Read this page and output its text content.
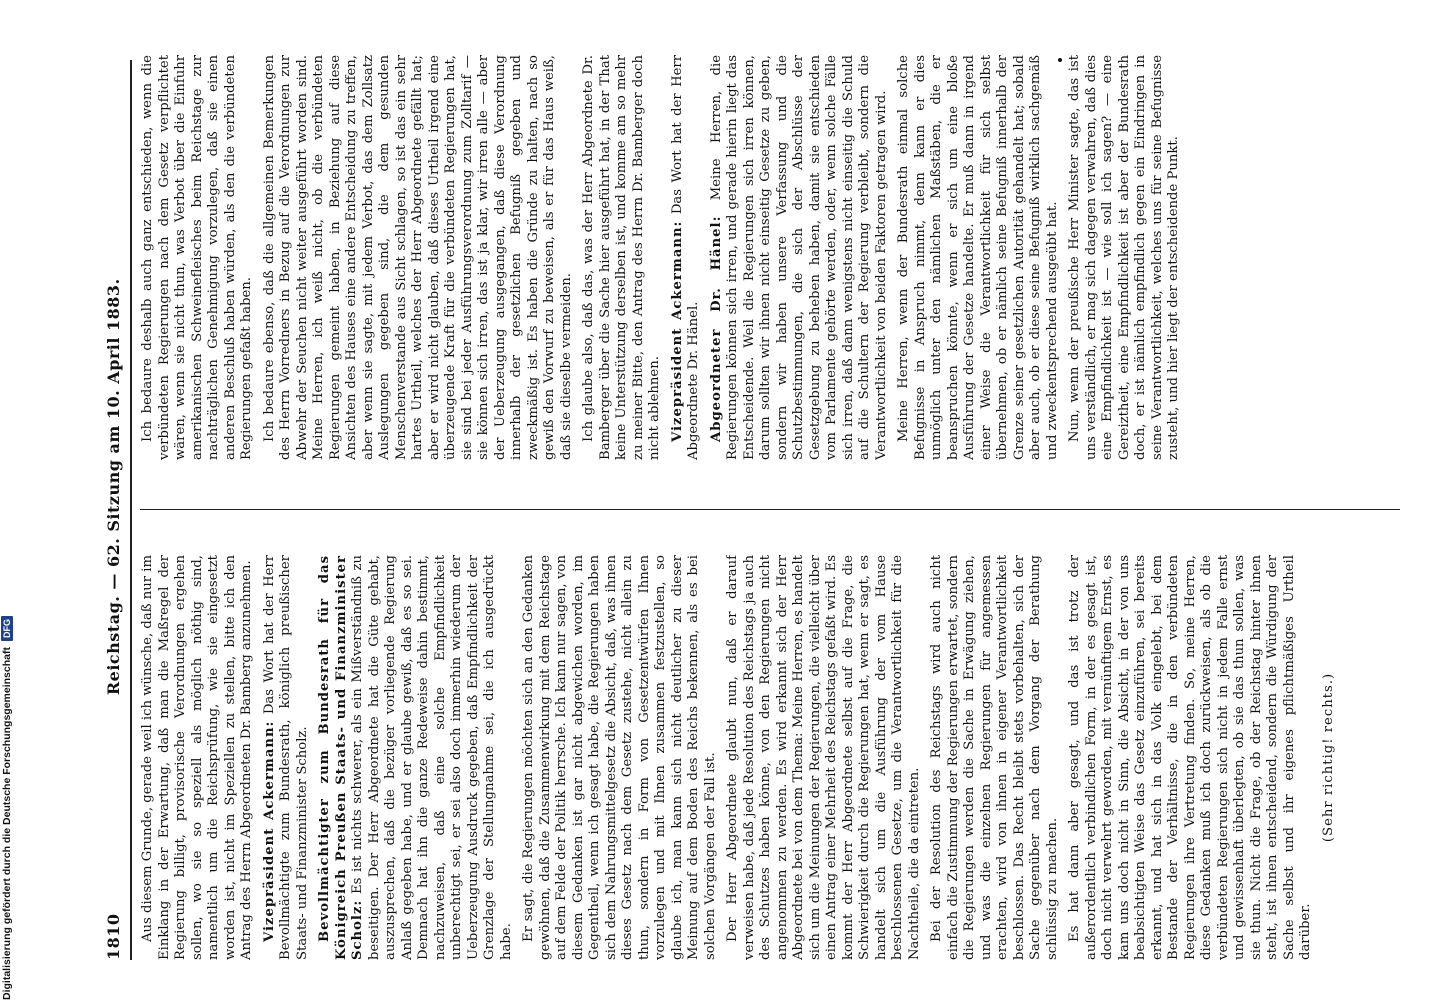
1810
Reichstag. — 62. Sitzung am 10. April 1883.

Aus diesem Grunde, gerade weil ich wünsche, daß nur im Einklang in der Erwartung, daß man die Maßregel der Regierung billigt, provisorische Verordnungen ergehen sollen, wo sie so speziell als möglich nöthig sind, namentlich um die Reichsprüfung, wie sie eingesetzt worden ist, nicht im Speziellen zu stellen, bitte ich den Antrag des Herrn Abgeordneten Dr. Bamberg anzunehmen. Vizepräsident Ackermann: Das Wort hat der Herr Bevollmächtigte zum Bundesrath, königlich preußischer Staats- und Finanzminister Scholz. Bevollmächtigter zum Bundesrath für das Königreich Preußen Staats- und Finanzminister Scholz: Es ist nichts schwerer, als ein Mißverständniß zu beseitigen. Der Herr Abgeordnete hat die Güte gehabt, auszusprechen, daß die bezüger vorliegende Regierung Anlaß gegeben habe, und er glaube gewiß, daß es so sei. Demnach hat ihn die ganze Redeweise dahin bestimmt, nachzuweisen, daß eine solche Empfindlichkeit unberechtigt sei, er sei also doch immerhin wiederum der Ueberzeugung Ausdruck gegeben, daß Empfindlichkeit der Grenzlage der Stellungnahme sei, die ich ausgedrückt habe. Er sagt, die Regierungen möchten sich an den Gedanken gewöhnen, daß die Zusammenwirkung mit dem Reichstage auf dem Felde der Politik herrsche. Ich kann nur sagen, von diesem Gedanken ist gar nicht abgewichen worden, im Gegentheil, wenn ich gesagt habe, die Regierungen haben sich dem Nahrungsmittelgesetz die Absicht, daß, was ihnen dieses Gesetz nach dem Gesetz zustehe, nicht allein zu thun, sondern in Form von Gesetzentwürfen Ihnen vorzulegen und mit Ihnen zusammen festzustellen, so glaube ich, man kann sich nicht deutlicher zu dieser Meinung auf dem Boden des Reichs bekennen, als es bei solchen Vorgängen der Fall ist. Der Herr Abgeordnete glaubt nun, daß er darauf verweisen habe, daß jede Resolution des Reichstags ja auch des Schutzes haben könne, von den Regierungen nicht angenommen zu werden. Es wird erkannt sich der Herr Abgeordnete bei von dem Thema: Meine Herren, es handelt sich um die Meinungen der Regierungen, die vielleicht über einen Antrag einer Mehrheit des Reichstags gefaßt wird. Es kommt der Herr Abgeordnete selbst auf die Frage, die Schwierigkeit durch die Regierungen hat, wenn er sagt, es handelt sich um die Ausführung der vom Hause beschlossenen Gesetze, um die Verantwortlichkeit für die Nachtheile, die da eintreten. Bei der Resolution des Reichstags wird auch nicht einfach die Zustimmung der Regierungen erwartet, sondern die Regierungen werden die Sache in Erwägung ziehen, und was die einzelnen Regierungen für angemessen erachten, wird von ihnen in eigener Verantwortlichkeit beschlossen. Das Recht bleibt stets vorbehalten, sich der Sache gegenüber nach dem Vorgang der Berathung schlüssig zu machen. Es hat dann aber gesagt, und das ist trotz der außerordentlich verbindlichen Form, in der es gesagt ist, doch nicht verwehrt geworden, mit vernünftigem Ernst, es kam uns doch nicht in Sinn, die Absicht, in der von uns beabsichtigten Weise das Gesetz einzuführen, sei bereits erkannt, und hat sich in das Volk eingelebt, bei dem Bestande der Verhältnisse, die in den verbündeten Regierungen ihre Vertretung finden. So, meine Herren, diese Gedanken muß ich doch zurückweisen, als ob die verbündeten Regierungen sich nicht in jedem Falle ernst und gewissenhaft überlegten, ob sie das thun sollen, was sie thun. Nicht die Frage, ob der Reichstag hinter ihnen steht, ist ihnen entscheidend, sondern die Würdigung der Sache selbst und ihr eigenes pflichtmäßiges Urtheil darüber.

(Sehr richtig! rechts.)

Ich bedaure deshalb auch ganz entschieden, wenn die verbündeten Regierungen nach dem Gesetz verpflichtet wären, wenn sie nicht thun, was Verbot über die Einfuhr amerikanischen Schweinefleisches beim Reichstage zur nachträglichen Genehmigung vorzulegen, daß sie einen anderen Beschluß haben würden, als den die verbündeten Regierungen gefaßt haben. Ich bedaure ebenso, daß die allgemeinen Bemerkungen des Herrn Vorredners in Bezug auf die Verordnungen zur Abwehr der Seuchen nicht weiter ausgeführt worden sind. Meine Herren, ich weiß nicht, ob die verbündeten Regierungen gemeint haben, in Beziehung auf diese Ansichten des Hauses eine andere Entscheidung zu treffen, aber wenn sie sagte, mit jedem Verbot, das dem Zollsatz Auslegungen gegeben sind, die dem gesunden Menschenverstande aus Sicht schlagen, so ist das ein sehr hartes Urtheil, welches der Herr Abgeordnete gefällt hat; aber er wird nicht glauben, daß dieses Urtheil irgend eine überzeugende Kraft für die verbündeten Regierungen hat, sie sind bei jeder Ausführungsverordnung zum Zolltarif — sie können sich irren, das ist ja klar, wir irren alle — aber der Ueberzeugung ausgegangen, daß diese Verordnung innerhalb der gesetzlichen Befugniß gegeben und zweckmäßig ist. Es haben die Gründe zu halten, nach so gewiß den Vorwurf zu beweisen, als er für das Haus weiß, daß sie dieselbe vermeiden. Ich glaube also, daß das, was der Herr Abgeordnete Dr. Bamberger über die Sache hier ausgeführt hat, in der That keine Unterstützung derselben ist, und komme am so mehr zu meiner Bitte, den Antrag des Herrn Dr. Bamberger doch nicht ablehnen. Vizepräsident Ackermann: Das Wort hat der Herr Abgeordnete Dr. Hänel. Abgeordneter Dr. Hänel: Meine Herren, die Regierungen können sich irren, und gerade hierin liegt das Entscheidende. Weil die Regierungen sich irren können, darum sollten wir ihnen nicht einseitig Gesetze zu geben, sondern wir haben unsere Verfassung und die Schutzbestimmungen, die sich der Abschlüsse der Gesetzgebung zu beheben haben, damit sie entschieden vom Parlamente gehörte werden, oder, wenn solche Fälle sich irren, daß dann wenigstens nicht einseitig die Schuld auf die Schultern der Regierung verbleibt, sondern die Verantwortlichkeit von beiden Faktoren getragen wird. Meine Herren, wenn der Bundesrath einmal solche Befugnisse in Anspruch nimmt, denn kann er dies unmöglich unter den nämlichen Maßstäben, die er beanspruchen könnte, wenn er sich um eine bloße Ausführung der Gesetze handelte. Er muß dann in irgend einer Weise die Verantwortlichkeit für sich selbst übernehmen, ob er nämlich seine Befugniß innerhalb der Grenze seiner gesetzlichen Autorität gehandelt hat; sobald aber auch, ob er diese seine Befugniß wirklich sachgemäß und zweckentsprechend ausgeübt hat. Nun, wenn der preußische Herr Minister sagte, das ist uns verständlich, er mag sich dagegen verwahren, daß dies eine Empfindlichkeit ist — wie soll ich sagen? — eine Gereiztheit, eine Empfindlichkeit ist aber der Bundesrath doch, er ist nämlich empfindlich gegen ein Eindringen in seine Verantwortlichkeit, welches uns für seine Befugnisse zusteht, und hier liegt der entscheidende Punkt.

Digitalisierung gefördert durch die Deutsche Forschungsgemeinschaft
DFG
